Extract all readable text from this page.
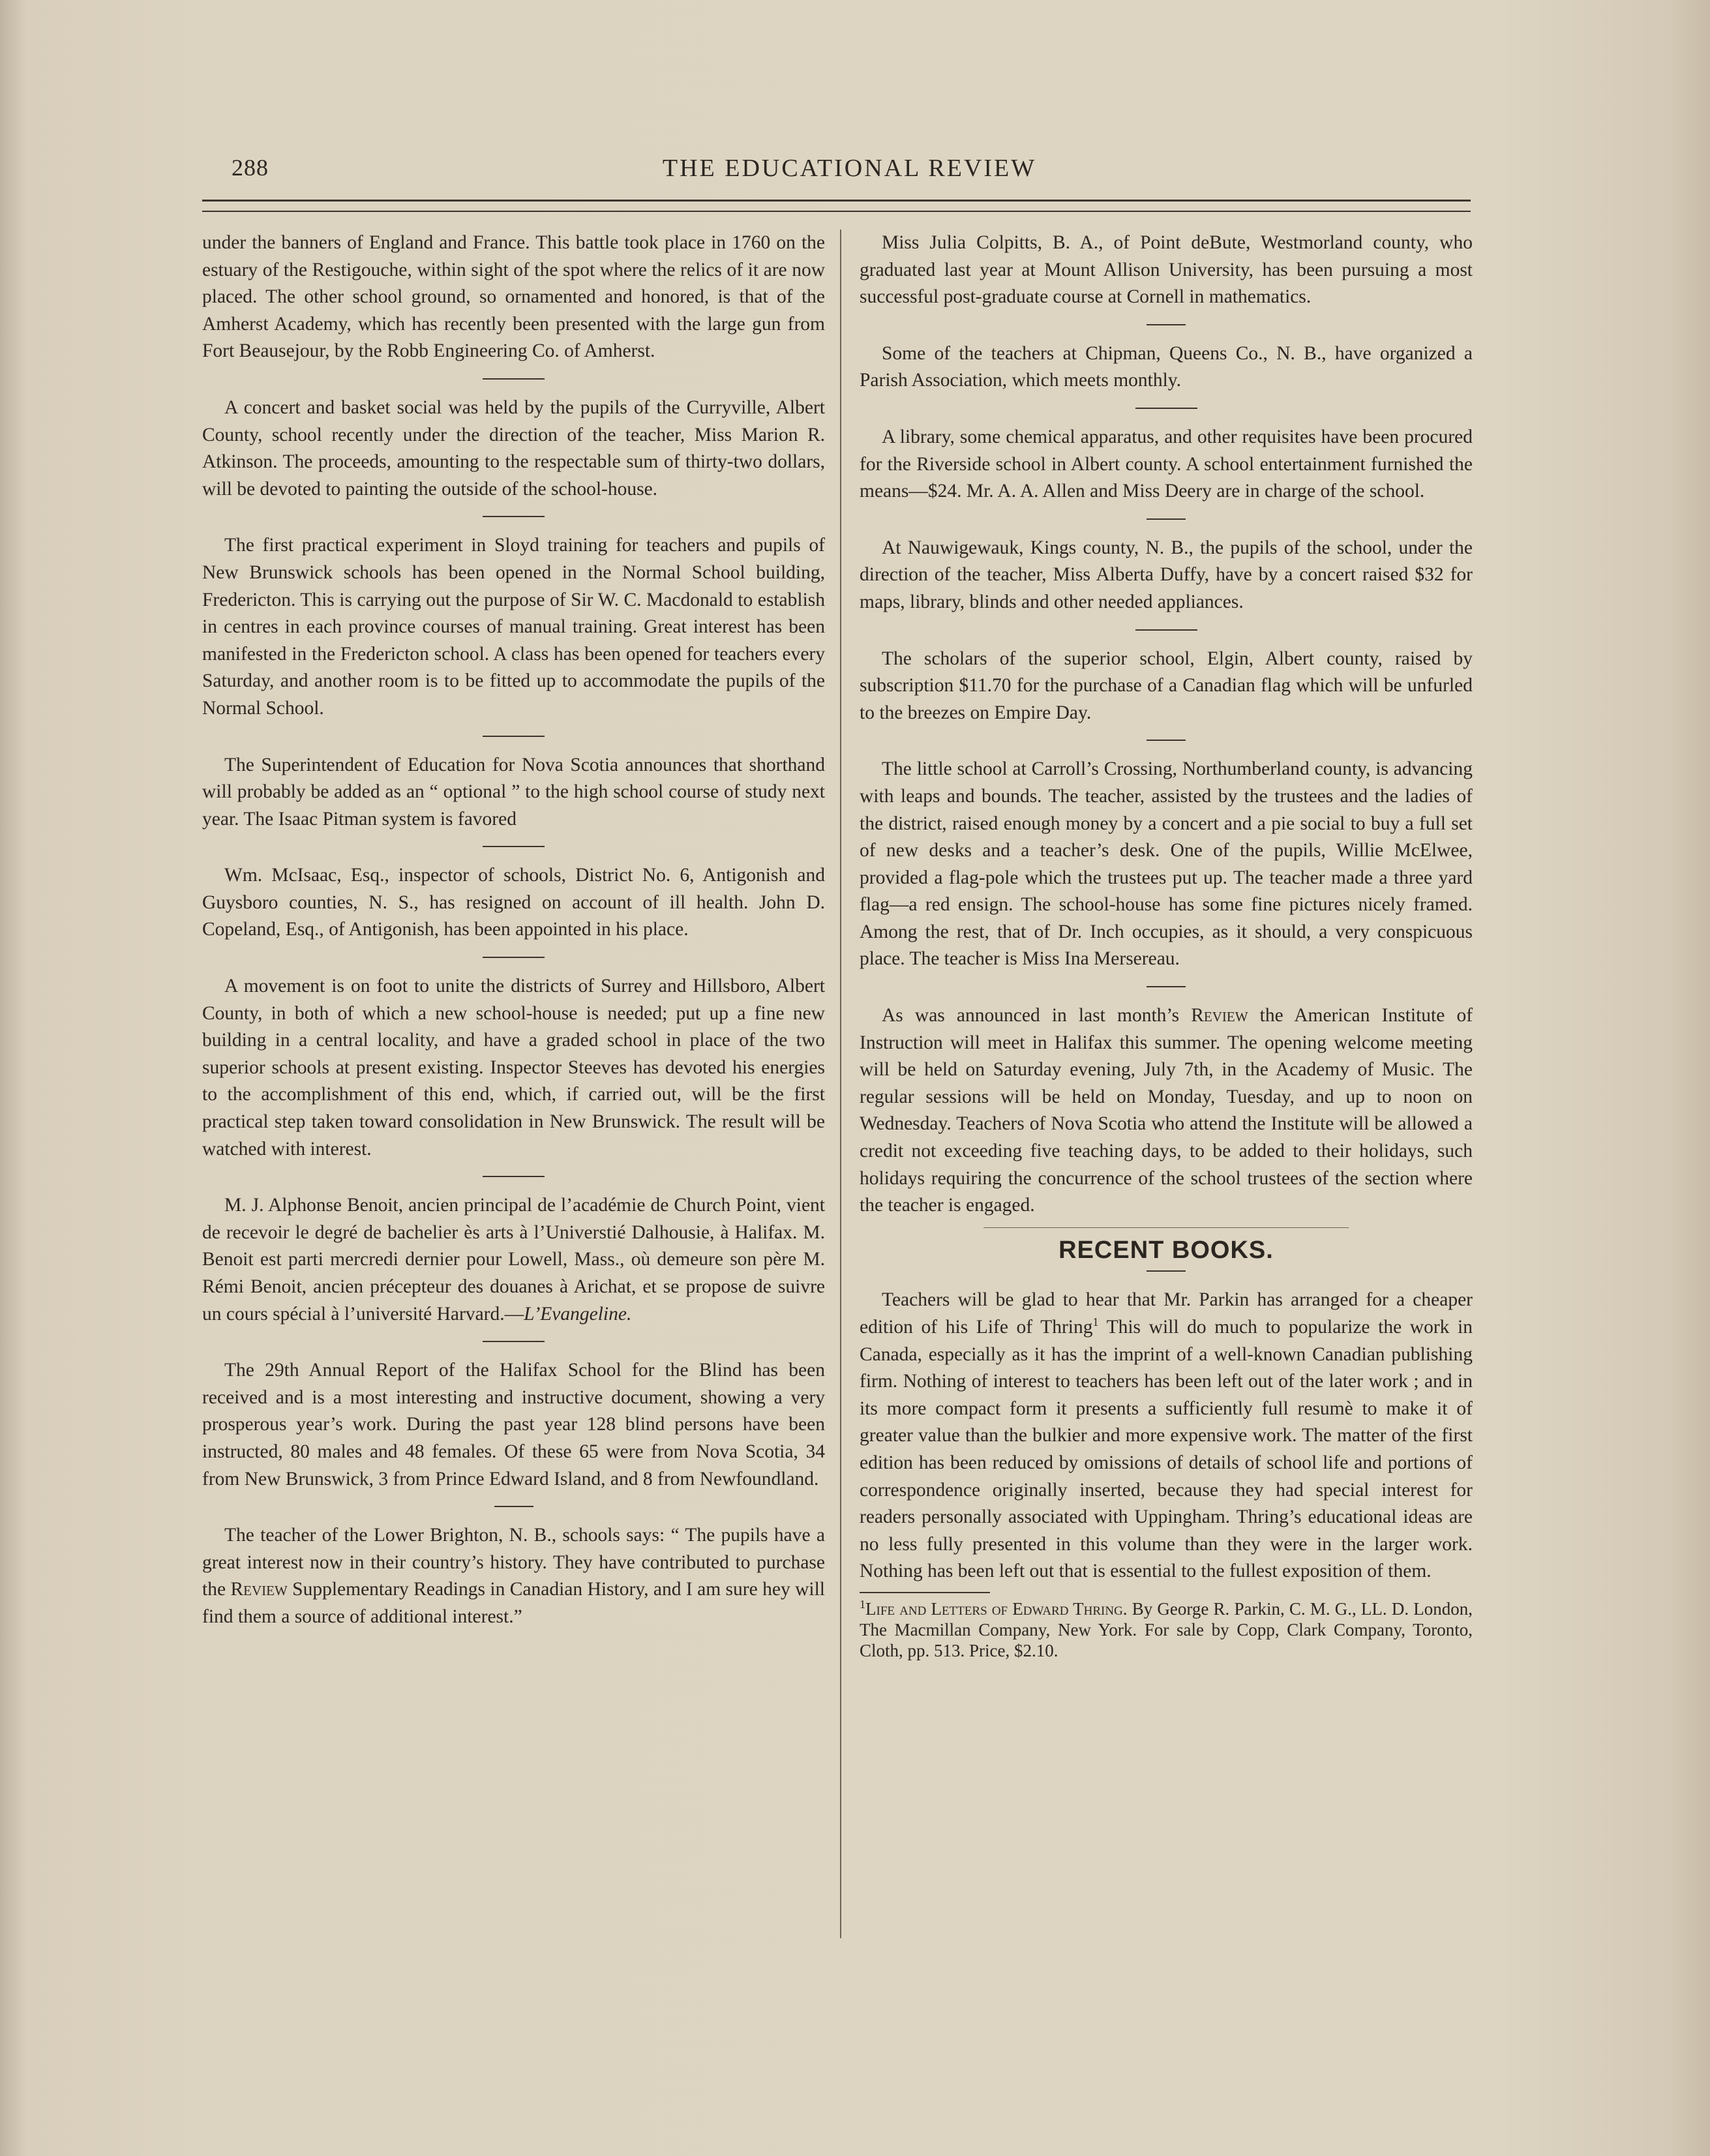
288	THE EDUCATIONAL REVIEW

under the banners of England and France. This battle took place in 1760 on the estuary of the Restigouche, within sight of the spot where the relics of it are now placed. The other school ground, so ornamented and honored, is that of the Amherst Academy, which has recently been presented with the large gun from Fort Beausejour, by the Robb Engineering Co. of Amherst.

A concert and basket social was held by the pupils of the Curryville, Albert County, school recently under the direction of the teacher, Miss Marion R. Atkinson. The proceeds, amounting to the respectable sum of thirty-two dollars, will be devoted to painting the outside of the school-house.

The first practical experiment in Sloyd training for teachers and pupils of New Brunswick schools has been opened in the Normal School building, Fredericton. This is carrying out the purpose of Sir W. C. Macdonald to establish in centres in each province courses of manual training. Great interest has been manifested in the Fredericton school. A class has been opened for teachers every Saturday, and another room is to be fitted up to accommodate the pupils of the Normal School.

The Superintendent of Education for Nova Scotia announces that shorthand will probably be added as an “ optional ” to the high school course of study next year. The Isaac Pitman system is favored

Wm. McIsaac, Esq., inspector of schools, District No. 6, Antigonish and Guysboro counties, N. S., has resigned on account of ill health. John D. Copeland, Esq., of Antigonish, has been appointed in his place.

A movement is on foot to unite the districts of Surrey and Hillsboro, Albert County, in both of which a new school-house is needed; put up a fine new building in a central locality, and have a graded school in place of the two superior schools at present existing. Inspector Steeves has devoted his energies to the accomplishment of this end, which, if carried out, will be the first practical step taken toward consolidation in New Brunswick. The result will be watched with interest.

M. J. Alphonse Benoit, ancien principal de l’académie de Church Point, vient de recevoir le degré de bachelier ès arts à l’Universtié Dalhousie, à Halifax. M. Benoit est parti mercredi dernier pour Lowell, Mass., où demeure son père M. Rémi Benoit, ancien précepteur des douanes à Arichat, et se propose de suivre un cours spécial à l’université Harvard.—L’Evangeline.

The 29th Annual Report of the Halifax School for the Blind has been received and is a most interesting and instructive document, showing a very prosperous year’s work. During the past year 128 blind persons have been instructed, 80 males and 48 females. Of these 65 were from Nova Scotia, 34 from New Brunswick, 3 from Prince Edward Island, and 8 from Newfoundland.

The teacher of the Lower Brighton, N. B., schools says: “ The pupils have a great interest now in their country’s history. They have contributed to purchase the Review Supplementary Readings in Canadian History, and I am sure hey will find them a source of additional interest.”

Miss Julia Colpitts, B. A., of Point deBute, Westmorland county, who graduated last year at Mount Allison University, has been pursuing a most successful post-graduate course at Cornell in mathematics.

Some of the teachers at Chipman, Queens Co., N. B., have organized a Parish Association, which meets monthly.

A library, some chemical apparatus, and other requisites have been procured for the Riverside school in Albert county. A school entertainment furnished the means—$24. Mr. A. A. Allen and Miss Deery are in charge of the school.

At Nauwigewauk, Kings county, N. B., the pupils of the school, under the direction of the teacher, Miss Alberta Duffy, have by a concert raised $32 for maps, library, blinds and other needed appliances.

The scholars of the superior school, Elgin, Albert county, raised by subscription $11.70 for the purchase of a Canadian flag which will be unfurled to the breezes on Empire Day.

The little school at Carroll’s Crossing, Northumberland county, is advancing with leaps and bounds. The teacher, assisted by the trustees and the ladies of the district, raised enough money by a concert and a pie social to buy a full set of new desks and a teacher’s desk. One of the pupils, Willie McElwee, provided a flag-pole which the trustees put up. The teacher made a three yard flag—a red ensign. The school-house has some fine pictures nicely framed. Among the rest, that of Dr. Inch occupies, as it should, a very conspicuous place. The teacher is Miss Ina Mersereau.

As was announced in last month’s Review the American Institute of Instruction will meet in Halifax this summer. The opening welcome meeting will be held on Saturday evening, July 7th, in the Academy of Music. The regular sessions will be held on Monday, Tuesday, and up to noon on Wednesday. Teachers of Nova Scotia who attend the Institute will be allowed a credit not exceeding five teaching days, to be added to their holidays, such holidays requiring the concurrence of the school trustees of the section where the teacher is engaged.

RECENT BOOKS.

Teachers will be glad to hear that Mr. Parkin has arranged for a cheaper edition of his Life of Thring$^1$ This will do much to popularize the work in Canada, especially as it has the imprint of a well-known Canadian publishing firm. Nothing of interest to teachers has been left out of the later work ; and in its more compact form it presents a sufficiently full resumè to make it of greater value than the bulkier and more expensive work. The matter of the first edition has been reduced by omissions of details of school life and portions of correspondence originally inserted, because they had special interest for readers personally associated with Uppingham. Thring’s educational ideas are no less fully presented in this volume than they were in the larger work. Nothing has been left out that is essential to the fullest exposition of them.

$^1$Life and Letters of Edward Thring. By George R. Parkin, C. M. G., LL. D. London, The Macmillan Company, New York. For sale by Copp, Clark Company, Toronto, Cloth, pp. 513. Price, $2.10.
